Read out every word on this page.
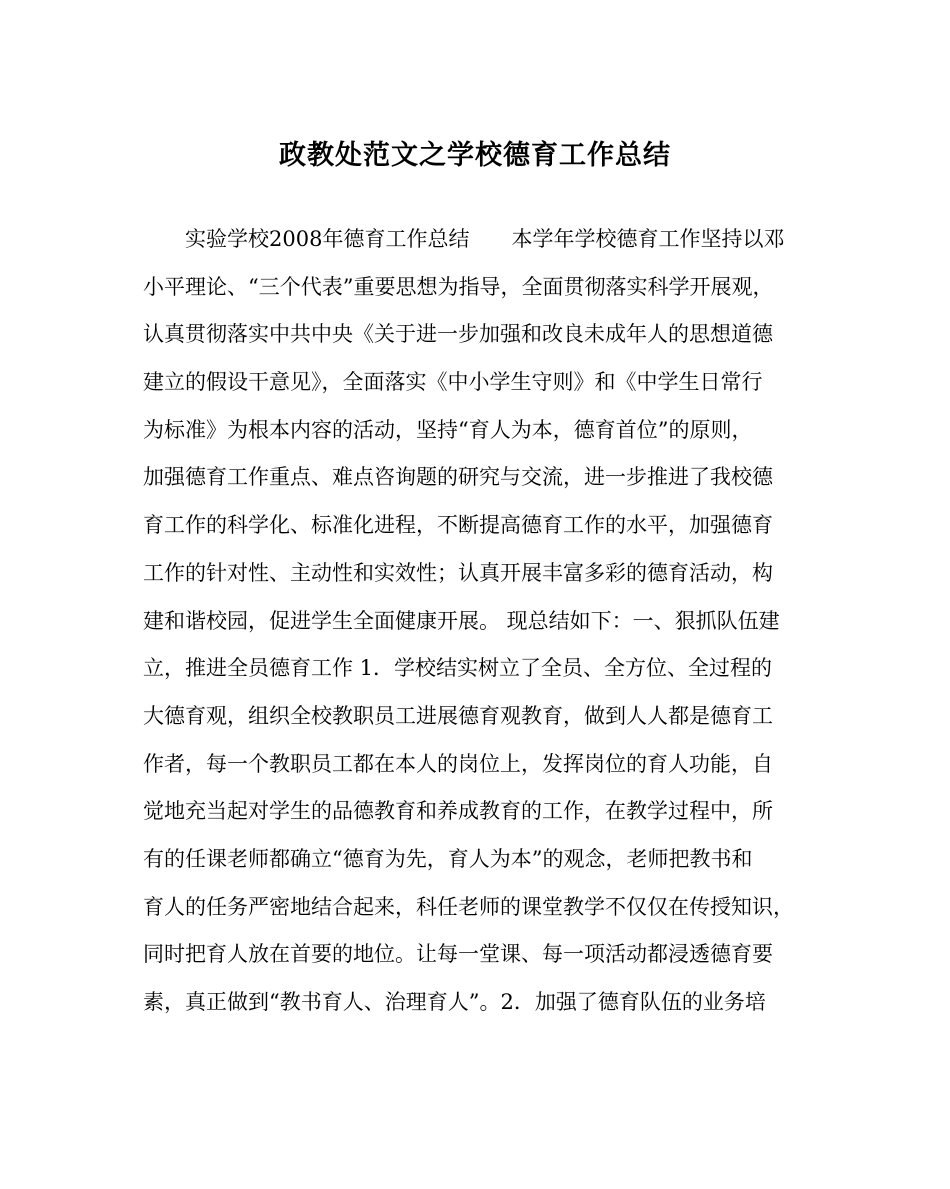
政教处范文之学校德育工作总结
　　实验学校2008年德育工作总结　　本学年学校德育工作坚持以邓
小平理论、“三个代表”重要思想为指导，全面贯彻落实科学开展观，
认真贯彻落实中共中央《关于进一步加强和改良未成年人的思想道德
建立的假设干意见》，全面落实《中小学生守则》和《中学生日常行
为标准》为根本内容的活动，坚持“育人为本，德育首位”的原则，
加强德育工作重点、难点咨询题的研究与交流，进一步推进了我校德
育工作的科学化、标准化进程，不断提高德育工作的水平，加强德育
工作的针对性、主动性和实效性；认真开展丰富多彩的德育活动，构
建和谐校园，促进学生全面健康开展。 现总结如下：一、狠抓队伍建
立，推进全员德育工作 1．学校结实树立了全员、全方位、全过程的
大德育观，组织全校教职员工进展德育观教育，做到人人都是德育工
作者，每一个教职员工都在本人的岗位上，发挥岗位的育人功能，自
觉地充当起对学生的品德教育和养成教育的工作，在教学过程中，所
有的任课老师都确立“德育为先，育人为本”的观念，老师把教书和
育人的任务严密地结合起来，科任老师的课堂教学不仅仅在传授知识，
同时把育人放在首要的地位。让每一堂课、每一项活动都浸透德育要
素，真正做到“教书育人、治理育人”。2．加强了德育队伍的业务培
